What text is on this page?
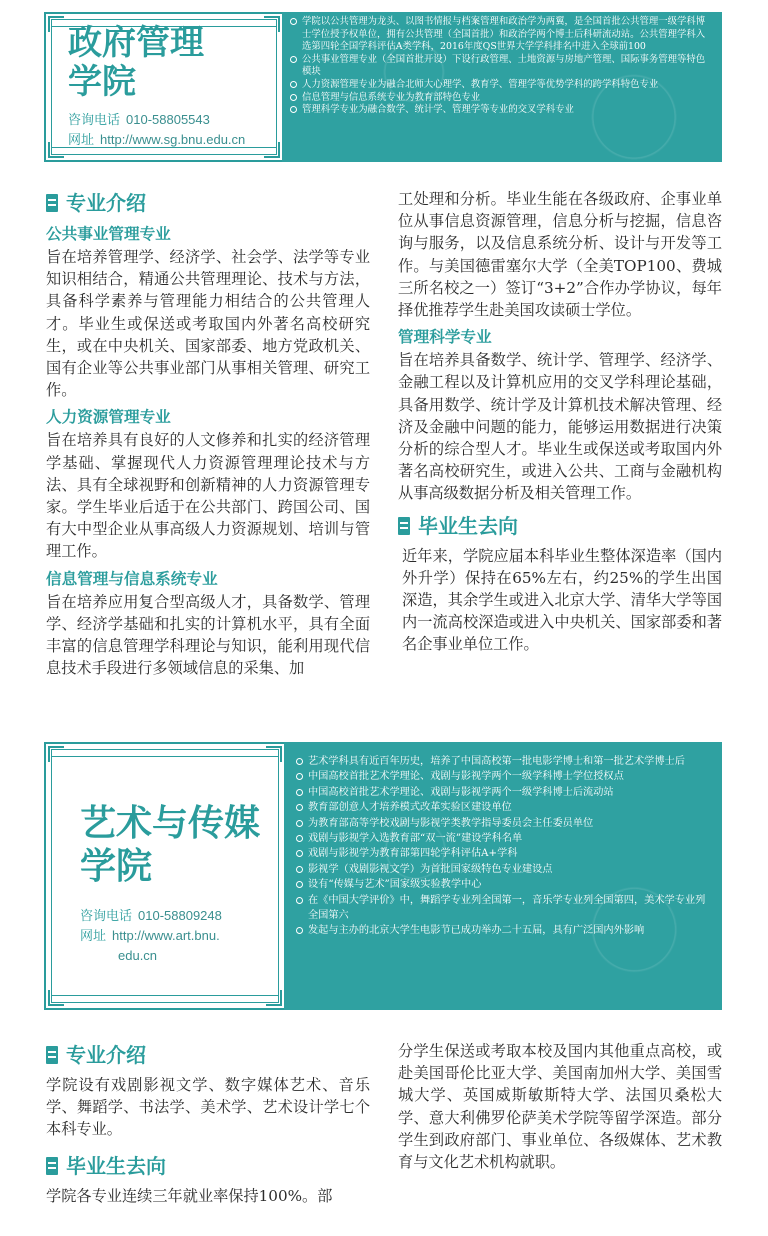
政府管理
学院
咨询电话 010-58805543
网址 http://www.sg.bnu.edu.cn
学院以公共管理为龙头、以图书情报与档案管理和政治学为两翼，是全国首批公共管理一级学科博士学位授予权单位，拥有公共管理（全国首批）和政治学两个博士后科研流动站。公共管理学科入选第四轮全国学科评估A类学科，2016年度QS世界大学学科排名中进入全球前100
公共事业管理专业（全国首批开设）下设行政管理、土地资源与房地产管理、国际事务管理等特色模块
人力资源管理专业为融合北师大心理学、教育学、管理学等优势学科的跨学科特色专业
信息管理与信息系统专业为教育部特色专业
管理科学专业为融合数学、统计学、管理学等专业的交叉学科专业
专业介绍
公共事业管理专业
旨在培养管理学、经济学、社会学、法学等专业知识相结合，精通公共管理理论、技术与方法，具备科学素养与管理能力相结合的公共管理人才。毕业生或保送或考取国内外著名高校研究生，或在中央机关、国家部委、地方党政机关、国有企业等公共事业部门从事相关管理、研究工作。
人力资源管理专业
旨在培养具有良好的人文修养和扎实的经济管理学基础、掌握现代人力资源管理理论技术与方法、具有全球视野和创新精神的人力资源管理专家。学生毕业后适于在公共部门、跨国公司、国有大中型企业从事高级人力资源规划、培训与管理工作。
信息管理与信息系统专业
旨在培养应用复合型高级人才，具备数学、管理学、经济学基础和扎实的计算机水平，具有全面丰富的信息管理学科理论与知识，能利用现代信息技术手段进行多领域信息的采集、加
工处理和分析。毕业生能在各级政府、企事业单位从事信息资源管理，信息分析与挖掘，信息咨询与服务，以及信息系统分析、设计与开发等工作。与美国德雷塞尔大学（全美TOP100、费城三所名校之一）签订“3+2”合作办学协议，每年择优推荐学生赴美国攻读硕士学位。
管理科学专业
旨在培养具备数学、统计学、管理学、经济学、金融工程以及计算机应用的交叉学科理论基础，具备用数学、统计学及计算机技术解决管理、经济及金融中问题的能力，能够运用数据进行决策分析的综合型人才。毕业生或保送或考取国内外著名高校研究生，或进入公共、工商与金融机构从事高级数据分析及相关管理工作。
毕业生去向
近年来，学院应届本科毕业生整体深造率（国内外升学）保持在65%左右，约25%的学生出国深造，其余学生或进入北京大学、清华大学等国内一流高校深造或进入中央机关、国家部委和著名企事业单位工作。
艺术与传媒
学院
咨询电话 010-58809248
网址 http://www.art.bnu.
edu.cn
艺术学科具有近百年历史，培养了中国高校第一批电影学博士和第一批艺术学博士后
中国高校首批艺术学理论、戏剧与影视学两个一级学科博士学位授权点
中国高校首批艺术学理论、戏剧与影视学两个一级学科博士后流动站
教育部创意人才培养模式改革实验区建设单位
为教育部高等学校戏剧与影视学类教学指导委员会主任委员单位
戏剧与影视学入选教育部“双一流”建设学科名单
戏剧与影视学为教育部第四轮学科评估A+学科
影视学（戏剧影视文学）为首批国家级特色专业建设点
设有“传媒与艺术”国家级实验教学中心
在《中国大学评价》中，舞蹈学专业列全国第一，音乐学专业列全国第四，美术学专业列全国第六
发起与主办的北京大学生电影节已成功举办二十五届，具有广泛国内外影响
专业介绍
学院设有戏剧影视文学、数字媒体艺术、音乐学、舞蹈学、书法学、美术学、艺术设计学七个本科专业。
毕业生去向
学院各专业连续三年就业率保持100%。部
分学生保送或考取本校及国内其他重点高校，或赴美国哥伦比亚大学、美国南加州大学、美国雪城大学、英国威斯敏斯特大学、法国贝桑松大学、意大利佛罗伦萨美术学院等留学深造。部分学生到政府部门、事业单位、各级媒体、艺术教育与文化艺术机构就职。
